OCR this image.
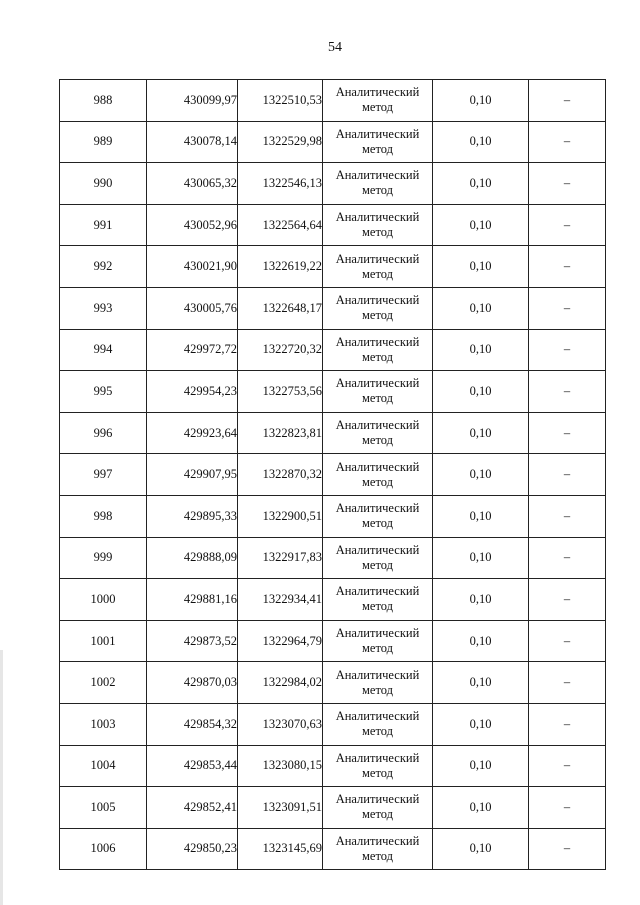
54
988	430099,97	1322510,53	Аналитический метод	0,10	–
989	430078,14	1322529,98	Аналитический метод	0,10	–
990	430065,32	1322546,13	Аналитический метод	0,10	–
991	430052,96	1322564,64	Аналитический метод	0,10	–
992	430021,90	1322619,22	Аналитический метод	0,10	–
993	430005,76	1322648,17	Аналитический метод	0,10	–
994	429972,72	1322720,32	Аналитический метод	0,10	–
995	429954,23	1322753,56	Аналитический метод	0,10	–
996	429923,64	1322823,81	Аналитический метод	0,10	–
997	429907,95	1322870,32	Аналитический метод	0,10	–
998	429895,33	1322900,51	Аналитический метод	0,10	–
999	429888,09	1322917,83	Аналитический метод	0,10	–
1000	429881,16	1322934,41	Аналитический метод	0,10	–
1001	429873,52	1322964,79	Аналитический метод	0,10	–
1002	429870,03	1322984,02	Аналитический метод	0,10	–
1003	429854,32	1323070,63	Аналитический метод	0,10	–
1004	429853,44	1323080,15	Аналитический метод	0,10	–
1005	429852,41	1323091,51	Аналитический метод	0,10	–
1006	429850,23	1323145,69	Аналитический метод	0,10	–
